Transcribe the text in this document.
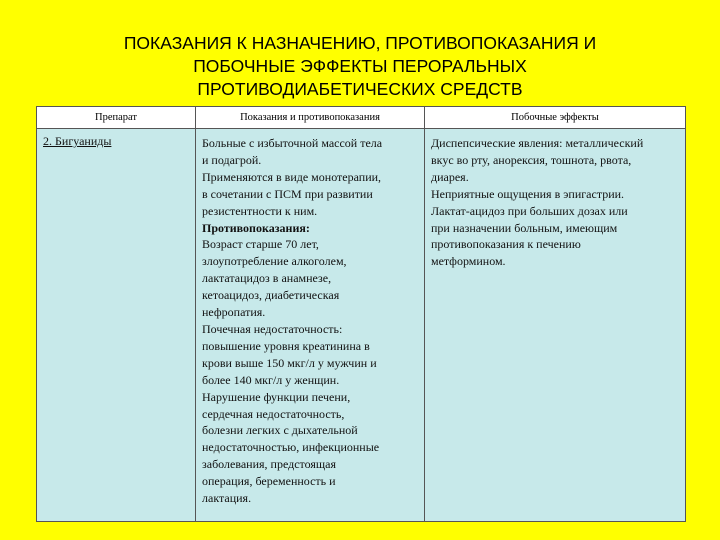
ПОКАЗАНИЯ К НАЗНАЧЕНИЮ, ПРОТИВОПОКАЗАНИЯ И
ПОБОЧНЫЕ ЭФФЕКТЫ ПЕРОРАЛЬНЫХ
ПРОТИВОДИАБЕТИЧЕСКИХ СРЕДСТВ
Препарат
2. Бигуаниды
Показания и противопоказания
Больные с избыточной массой тела
и подагрой.
Применяются в виде монотерапии,
в сочетании с ПСМ при развитии
резистентности к ним.
Противопоказания:
Возраст старше 70 лет,
злоупотребление алкоголем,
лактатацидоз в анамнезе,
кетоацидоз, диабетическая
нефропатия.
Почечная недостаточность:
повышение уровня креатинина в
крови выше 150 мкг/л у мужчин и
более 140 мкг/л у женщин.
Нарушение функции печени,
сердечная недостаточность,
болезни легких с дыхательной
недостаточностью, инфекционные
заболевания, предстоящая
операция, беременность и
лактация.
Побочные эффекты
Диспепсические явления: металлический
вкус во рту, анорексия, тошнота, рвота,
диарея.
Неприятные ощущения в эпигастрии.
Лактат-ацидоз при больших дозах или
при назначении больным, имеющим
противопоказания к печению
метформином.
